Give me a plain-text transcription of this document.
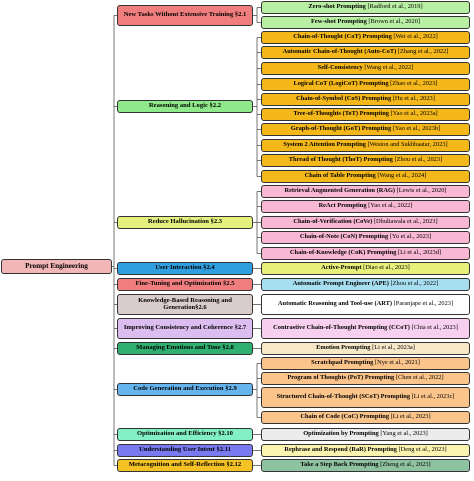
Prompt Engineering
New Tasks Without Extensive Training §2.1
Reasoning and Logic §2.2
Reduce Hallucination §2.3
User Interaction §2.4
Fine-Tuning and Optimization §2.5
Knowledge-Based Reasoning and Generation§2.6
Improving Consistency and Coherence §2.7
Managing Emotions and Tone §2.8
Code Generation and Execution §2.9
Optimization and Efficiency §2.10
Understanding User Intent §2.11
Metacognition and Self-Reflection §2.12
Zero-shot Prompting [Radford et al., 2019]
Few-shot Prompting [Brown et al., 2020]
Chain-of-Thought (CoT) Prompting [Wei et al., 2022]
Automatic Chain-of-Thought (Auto-CoT) [Zhang et al., 2022]
Self-Consistency [Wang et al., 2022]
Logical CoT (LogiCoT) Prompting [Zhao et al., 2023]
Chain-of-Symbol (CoS) Prompting [Hu et al., 2023]
Tree-of-Thoughts (ToT) Prompting [Yao et al., 2023a]
Graph-of-Thought (GoT) Prompting [Yao et al., 2023b]
System 2 Attention Prompting [Weston and Sukhbaatar, 2023]
Thread of Thought (ThoT) Prompting [Zhou et al., 2023]
Chain of Table Prompting [Wang et al., 2024]
Retrieval Augmented Generation (RAG) [Lewis et al., 2020]
ReAct Prompting [Yao et al., 2022]
Chain-of-Verification (CoVe) [Dhuliawala et al., 2023]
Chain-of-Note (CoN) Prompting [Yu et al., 2023]
Chain-of-Knowledge (CoK) Prompting [Li et al., 2023d]
Active-Prompt [Diao et al., 2023]
Automatic Prompt Engineer (APE) [Zhou et al., 2022]
Automatic Reasoning and Tool-use (ART) [Paranjape et al., 2023]
Contrastive Chain-of-Thought Prompting (CCoT) [Chia et al., 2023]
Emotion Prompting [Li et al., 2023a]
Scratchpad Prompting [Nye et al., 2021]
Program of Thoughts (PoT) Prompting [Chen et al., 2022]
Structured Chain-of-Thought (SCoT) Prompting [Li et al., 2023c]
Chain of Code (CoC) Prompting [Li et al., 2023]
Optimization by Prompting [Yang et al., 2023]
Rephrase and Respond (RaR) Prompting [Deng et al., 2023]
Take a Step Back Prompting [Zheng et al., 2023]
